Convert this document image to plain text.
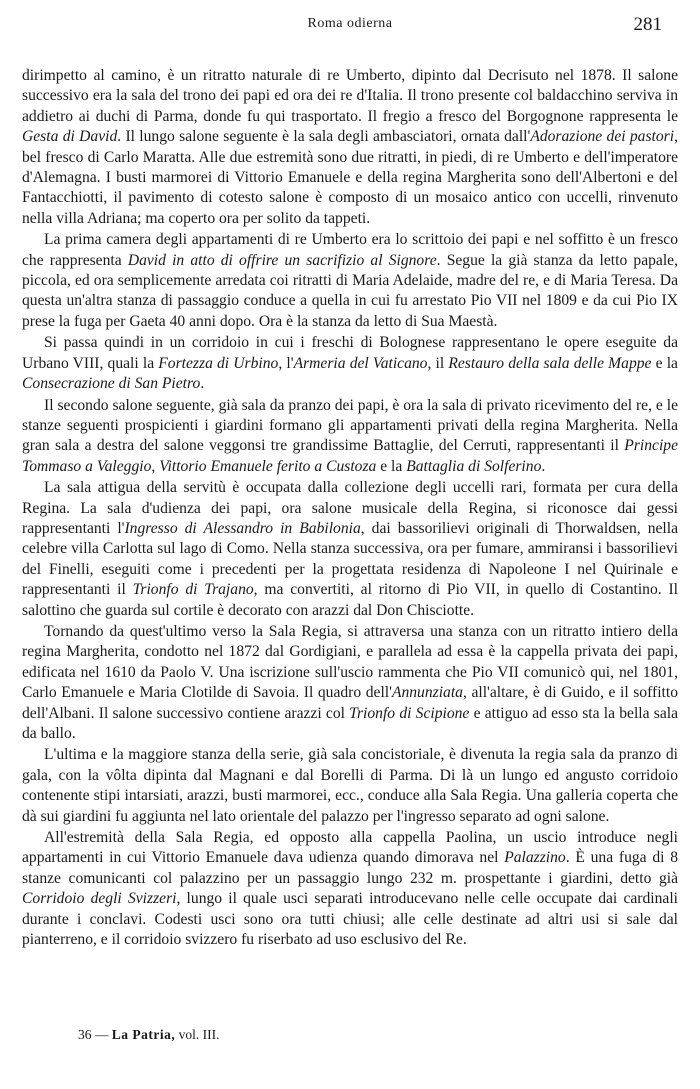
Roma odierna	281

dirimpetto al camino, è un ritratto naturale di re Umberto, dipinto dal Decrisuto nel 1878. Il salone successivo era la sala del trono dei papi ed ora dei re d'Italia. Il trono presente col baldacchino serviva in addietro ai duchi di Parma, donde fu qui trasportato. Il fregio a fresco del Borgognone rappresenta le Gesta di David. Il lungo salone seguente è la sala degli ambasciatori, ornata dall'Adorazione dei pastori, bel fresco di Carlo Maratta. Alle due estremità sono due ritratti, in piedi, di re Umberto e dell'imperatore d'Alemagna. I busti marmorei di Vittorio Emanuele e della regina Margherita sono dell'Albertoni e del Fantacchiotti, il pavimento di cotesto salone è composto di un mosaico antico con uccelli, rinvenuto nella villa Adriana; ma coperto ora per solito da tappeti.

La prima camera degli appartamenti di re Umberto era lo scrittoio dei papi e nel soffitto è un fresco che rappresenta David in atto di offrire un sacrifizio al Signore. Segue la già stanza da letto papale, piccola, ed ora semplicemente arredata coi ritratti di Maria Adelaide, madre del re, e di Maria Teresa. Da questa un'altra stanza di passaggio conduce a quella in cui fu arrestato Pio VII nel 1809 e da cui Pio IX prese la fuga per Gaeta 40 anni dopo. Ora è la stanza da letto di Sua Maestà.

Si passa quindi in un corridoio in cui i freschi di Bolognese rappresentano le opere eseguite da Urbano VIII, quali la Fortezza di Urbino, l'Armeria del Vaticano, il Restauro della sala delle Mappe e la Consecrazione di San Pietro.

Il secondo salone seguente, già sala da pranzo dei papi, è ora la sala di privato ricevimento del re, e le stanze seguenti prospicienti i giardini formano gli appartamenti privati della regina Margherita. Nella gran sala a destra del salone veggonsi tre grandissime Battaglie, del Cerruti, rappresentanti il Principe Tommaso a Valeggio, Vittorio Emanuele ferito a Custoza e la Battaglia di Solferino.

La sala attigua della servitù è occupata dalla collezione degli uccelli rari, formata per cura della Regina. La sala d'udienza dei papi, ora salone musicale della Regina, si riconosce dai gessi rappresentanti l'Ingresso di Alessandro in Babilonia, dai bassorilievi originali di Thorwaldsen, nella celebre villa Carlotta sul lago di Como. Nella stanza successiva, ora per fumare, ammiransi i bassorilievi del Finelli, eseguiti come i precedenti per la progettata residenza di Napoleone I nel Quirinale e rappresentanti il Trionfo di Trajano, ma convertiti, al ritorno di Pio VII, in quello di Costantino. Il salottino che guarda sul cortile è decorato con arazzi dal Don Chisciotte.

Tornando da quest'ultimo verso la Sala Regia, si attraversa una stanza con un ritratto intiero della regina Margherita, condotto nel 1872 dal Gordigiani, e parallela ad essa è la cappella privata dei papi, edificata nel 1610 da Paolo V. Una iscrizione sull'uscio rammenta che Pio VII comunicò qui, nel 1801, Carlo Emanuele e Maria Clotilde di Savoia. Il quadro dell'Annunziata, all'altare, è di Guido, e il soffitto dell'Albani. Il salone successivo contiene arazzi col Trionfo di Scipione e attiguo ad esso sta la bella sala da ballo.

L'ultima e la maggiore stanza della serie, già sala concistoriale, è divenuta la regia sala da pranzo di gala, con la vôlta dipinta dal Magnani e dal Borelli di Parma. Di là un lungo ed angusto corridoio contenente stipi intarsiati, arazzi, busti marmorei, ecc., conduce alla Sala Regia. Una galleria coperta che dà sui giardini fu aggiunta nel lato orientale del palazzo per l'ingresso separato ad ogni salone.

All'estremità della Sala Regia, ed opposto alla cappella Paolina, un uscio introduce negli appartamenti in cui Vittorio Emanuele dava udienza quando dimorava nel Palazzino. È una fuga di 8 stanze comunicanti col palazzino per un passaggio lungo 232 m. prospettante i giardini, detto già Corridoio degli Svizzeri, lungo il quale usci separati introducevano nelle celle occupate dai cardinali durante i conclavi. Codesti usci sono ora tutti chiusi; alle celle destinate ad altri usi si sale dal pianterreno, e il corridoio svizzero fu riserbato ad uso esclusivo del Re.

36 — La Patria, vol. III.
